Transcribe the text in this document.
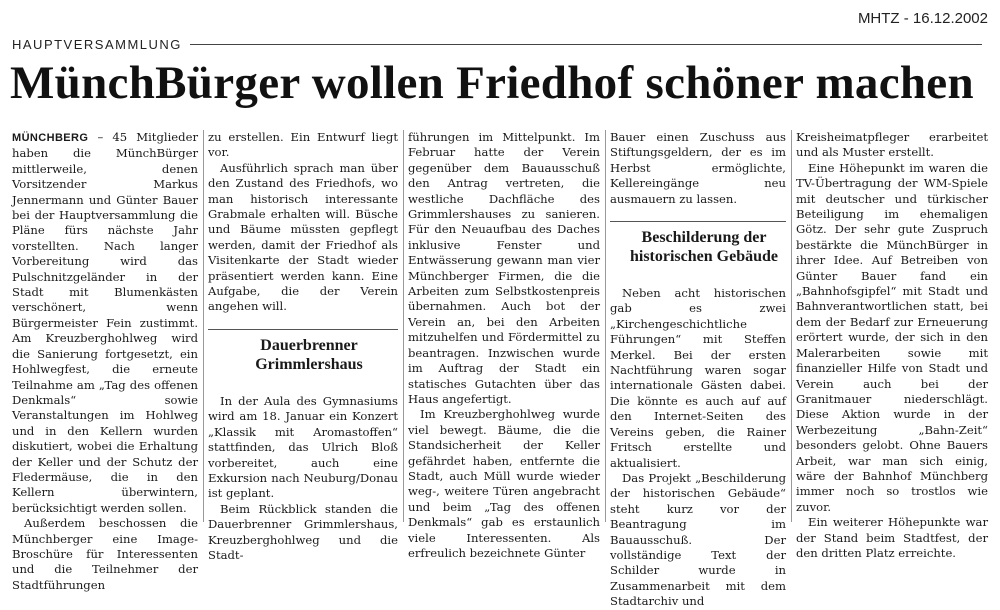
MHTZ - 16.12.2002
HAUPTVERSAMMLUNG
MünchBürger wollen Friedhof schöner machen

MÜNCHBERG – 45 Mitglieder haben die MünchBürger mittlerweile, denen Vorsitzender Markus Jennermann und Günter Bauer bei der Hauptversammlung die Pläne fürs nächste Jahr vorstellten. Nach langer Vorbereitung wird das Pulschnitzgeländer in der Stadt mit Blumenkästen verschönert, wenn Bürgermeister Fein zustimmt. Am Kreuzberghohlweg wird die Sanierung fortgesetzt, ein Hohlwegfest, die erneute Teilnahme am „Tag des offenen Denkmals“ sowie Veranstaltungen im Hohlweg und in den Kellern wurden diskutiert, wobei die Erhaltung der Keller und der Schutz der Fledermäuse, die in den Kellern überwintern, berücksichtigt werden sollen.

Außerdem beschossen die Münchberger eine Image-Broschüre für Interessenten und die Teilnehmer der Stadtführungen

zu erstellen. Ein Entwurf liegt vor.

Ausführlich sprach man über den Zustand des Friedhofs, wo man historisch interessante Grabmale erhalten will. Büsche und Bäume müssten gepflegt werden, damit der Friedhof als Visitenkarte der Stadt wieder präsentiert werden kann. Eine Aufgabe, die der Verein angehen will.

Dauerbrenner

Grimmlershaus

In der Aula des Gymnasiums wird am 18. Januar ein Konzert „Klassik mit Aromastoffen“ stattfinden, das Ulrich Bloß vorbereitet, auch eine Exkursion nach Neuburg/Donau ist geplant.

Beim Rückblick standen die Dauerbrenner Grimmlershaus, Kreuzberghohlweg und die Stadt-

führungen im Mittelpunkt. Im Februar hatte der Verein gegenüber dem Bauausschuß den Antrag vertreten, die westliche Dachfläche des Grimmlershauses zu sanieren. Für den Neuaufbau des Daches inklusive Fenster und Entwässerung gewann man vier Münchberger Firmen, die die Arbeiten zum Selbstkostenpreis übernahmen. Auch bot der Verein an, bei den Arbeiten mitzuhelfen und Fördermittel zu beantragen. Inzwischen wurde im Auftrag der Stadt ein statisches Gutachten über das Haus angefertigt.

Im Kreuzberghohlweg wurde viel bewegt. Bäume, die die Standsicherheit der Keller gefährdet haben, entfernte die Stadt, auch Müll wurde wieder weg-, weitere Türen angebracht und beim „Tag des offenen Denkmals“ gab es erstaunlich viele Interessenten. Als erfreulich bezeichnete Günter

Bauer einen Zuschuss aus Stiftungsgeldern, der es im Herbst ermöglichte, Kellereingänge neu ausmauern zu lassen.

Beschilderung der

historischen Gebäude

Neben acht historischen gab es zwei „Kirchengeschichtliche Führungen“ mit Steffen Merkel. Bei der ersten Nachtführung waren sogar internationale Gästen dabei. Die könnte es auch auf auf den Internet-Seiten des Vereins geben, die Rainer Fritsch erstellte und aktualisiert.

Das Projekt „Beschilderung der historischen Gebäude“ steht kurz vor der Beantragung im Bauausschuß. Der vollständige Text der Schilder wurde in Zusammenarbeit mit dem Stadtarchiv und

Kreisheimatpfleger erarbeitet und als Muster erstellt.

Eine Höhepunkt im waren die TV-Übertragung der WM-Spiele mit deutscher und türkischer Beteiligung im ehemaligen Götz. Der sehr gute Zuspruch bestärkte die MünchBürger in ihrer Idee. Auf Betreiben von Günter Bauer fand ein „Bahnhofsgipfel“ mit Stadt und Bahnverantwortlichen statt, bei dem der Bedarf zur Erneuerung erörtert wurde, der sich in den Malerarbeiten sowie mit finanzieller Hilfe von Stadt und Verein auch bei der Granitmauer niederschlägt. Diese Aktion wurde in der Werbezeitung „Bahn-Zeit“ besonders gelobt. Ohne Bauers Arbeit, war man sich einig, wäre der Bahnhof Münchberg immer noch so trostlos wie zuvor.

Ein weiterer Höhepunkte war der Stand beim Stadtfest, der den dritten Platz erreichte.
